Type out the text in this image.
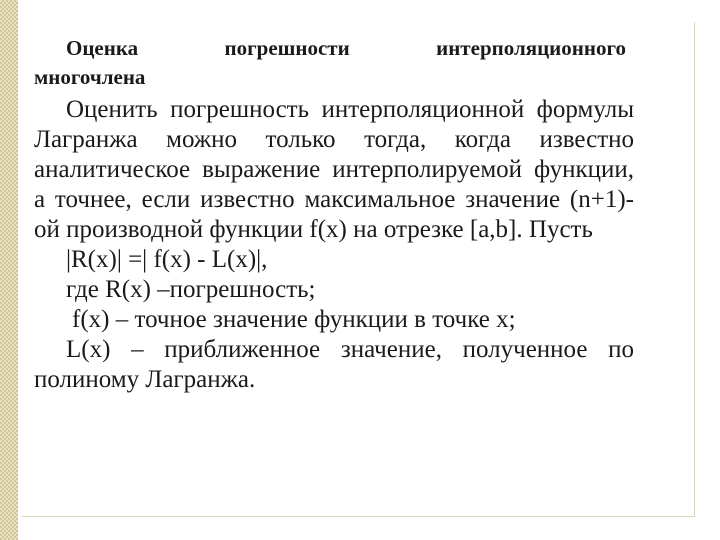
Оценка погрешности интерполяционного
многочлена

Оценить погрешность интерполяционной формулы Лагранжа можно только тогда, когда известно аналитическое выражение интерполируемой функции, а точнее, если известно максимальное значение (n+1)-ой производной функции f(x) на отрезке [a,b]. Пусть

|R(x)| =| f(x) - L(x)|,

где R(x) –погрешность;

f(x) – точное значение функции в точке x;

L(x) – приближенное значение, полученное по полиному Лагранжа.
